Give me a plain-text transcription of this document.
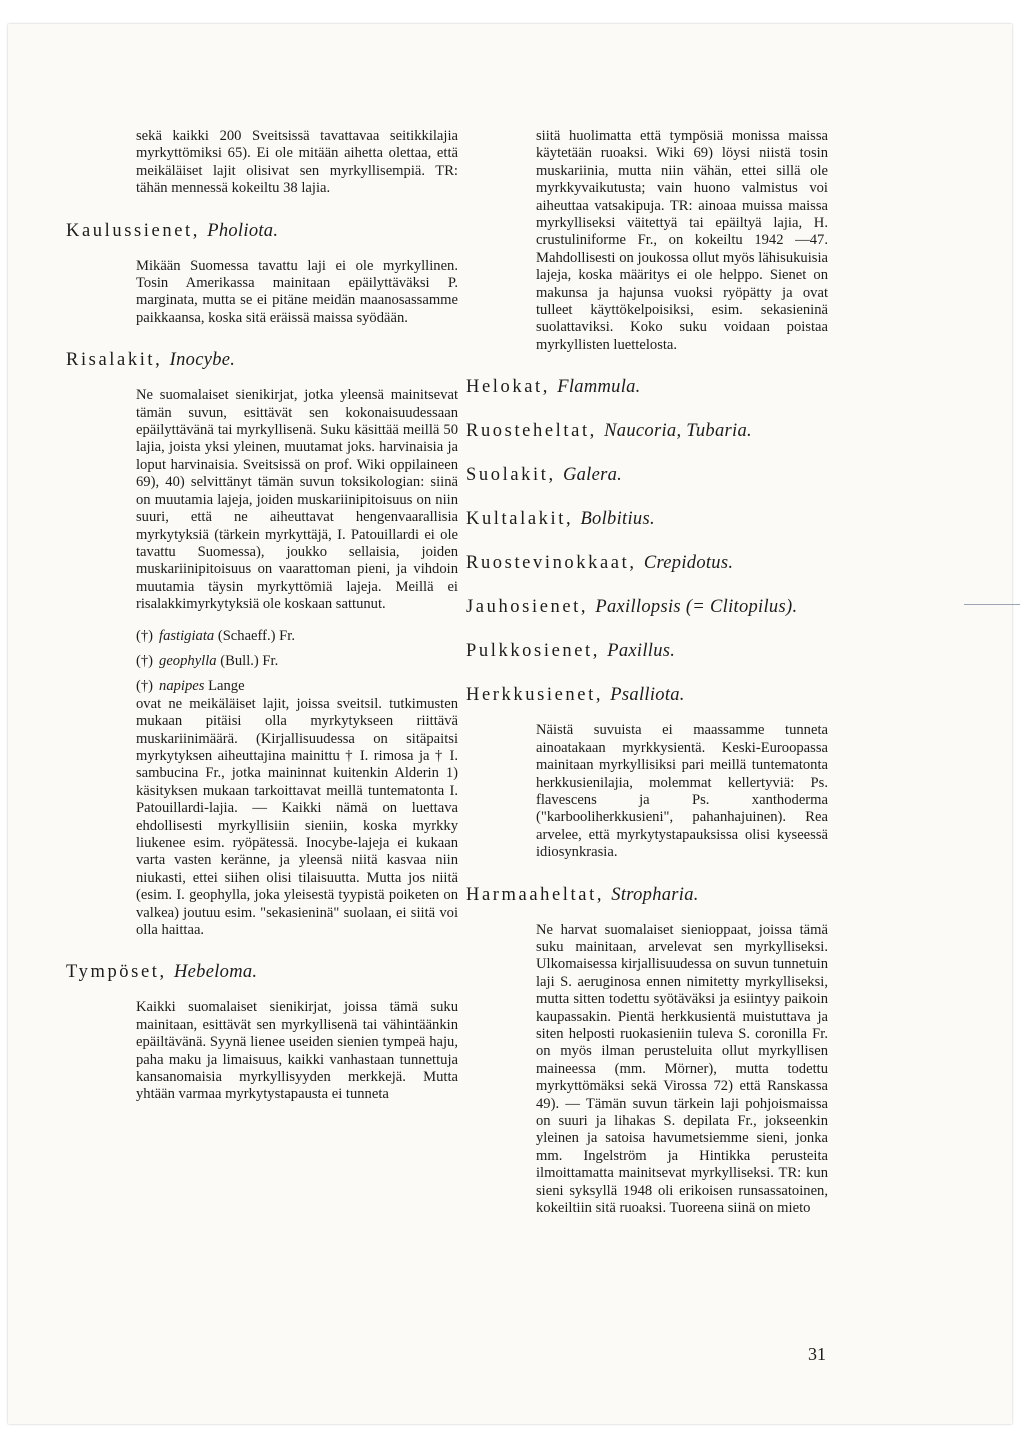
sekä kaikki 200 Sveitsissä tavattavaa seitikkilajia myrkyttömiksi 65). Ei ole mitään aihetta olettaa, että meikäläiset lajit olisivat sen myrkyllisempiä. TR: tähän mennessä kokeiltu 38 lajia.

Kaulussienet, Pholiota.

Mikään Suomessa tavattu laji ei ole myrkyllinen. Tosin Amerikassa mainitaan epäilyttäväksi P. marginata, mutta se ei pitäne meidän maanosassamme paikkaansa, koska sitä eräissä maissa syödään.

Risalakit, Inocybe.

Ne suomalaiset sienikirjat, jotka yleensä mainitsevat tämän suvun, esittävät sen kokonaisuudessaan epäilyttävänä tai myrkyllisenä. Suku käsittää meillä 50 lajia, joista yksi yleinen, muutamat joks. harvinaisia ja loput harvinaisia. Sveitsissä on prof. Wiki oppilaineen 69), 40) selvittänyt tämän suvun toksikologian: siinä on muutamia lajeja, joiden muskariinipitoisuus on niin suuri, että ne aiheuttavat hengenvaarallisia myrkytyksiä (tärkein myrkyttäjä, I. Patouillardi ei ole tavattu Suomessa), joukko sellaisia, joiden muskariinipitoisuus on vaarattoman pieni, ja vihdoin muutamia täysin myrkyttömiä lajeja. Meillä ei risalakkimyrkytyksiä ole koskaan sattunut.

(†) fastigiata (Schaeff.) Fr.
(†) geophylla (Bull.) Fr.
(†) napipes Lange

ovat ne meikäläiset lajit, joissa sveitsil. tutkimusten mukaan pitäisi olla myrkytykseen riittävä muskariinimäärä. (Kirjallisuudessa on sitäpaitsi myrkytyksen aiheuttajina mainittu † I. rimosa ja † I. sambucina Fr., jotka maininnat kuitenkin Alderin 1) käsityksen mukaan tarkoittavat meillä tuntematonta I. Patouillardi-lajia. — Kaikki nämä on luettava ehdollisesti myrkyllisiin sieniin, koska myrkky liukenee esim. ryöpätessä. Inocybe-lajeja ei kukaan varta vasten keränne, ja yleensä niitä kasvaa niin niukasti, ettei siihen olisi tilaisuutta. Mutta jos niitä (esim. I. geophylla, joka yleisestä tyypistä poiketen on valkea) joutuu esim. "sekasieninä" suolaan, ei siitä voi olla haittaa.

Tympöset, Hebeloma.

Kaikki suomalaiset sienikirjat, joissa tämä suku mainitaan, esittävät sen myrkyllisenä tai vähintäänkin epäiltävänä. Syynä lienee useiden sienien tympeä haju, paha maku ja limaisuus, kaikki vanhastaan tunnettuja kansanomaisia myrkyllisyyden merkkejä. Mutta yhtään varmaa myrkytystapausta ei tunneta

siitä huolimatta että tympösiä monissa maissa käytetään ruoaksi. Wiki 69) löysi niistä tosin muskariinia, mutta niin vähän, ettei sillä ole myrkkyvaikutusta; vain huono valmistus voi aiheuttaa vatsakipuja. TR: ainoaa muissa maissa myrkylliseksi väitettyä tai epäiltyä lajia, H. crustuliniforme Fr., on kokeiltu 1942 —47. Mahdollisesti on joukossa ollut myös lähisukuisia lajeja, koska määritys ei ole helppo. Sienet on makunsa ja hajunsa vuoksi ryöpätty ja ovat tulleet käyttökelpoisiksi, esim. sekasieninä suolattaviksi. Koko suku voidaan poistaa myrkyllisten luettelosta.

Helokat, Flammula.
Ruosteheltat, Naucoria, Tubaria.
Suolakit, Galera.
Kultalakit, Bolbitius.
Ruostevinokkaat, Crepidotus.
Jauhosienet, Paxillopsis (= Clitopilus).
Pulkkosienet, Paxillus.
Herkkusienet, Psalliota.

Näistä suvuista ei maassamme tunneta ainoatakaan myrkkysientä. Keski-Euroopassa mainitaan myrkyllisiksi pari meillä tuntematonta herkkusienilajia, molemmat kellertyviä: Ps. flavescens ja Ps. xanthoderma ("karbooliherkkusieni", pahanhajuinen). Rea arvelee, että myrkytystapauksissa olisi kyseessä idiosynkrasia.

Harmaaheltat, Stropharia.

Ne harvat suomalaiset sienioppaat, joissa tämä suku mainitaan, arvelevat sen myrkylliseksi. Ulkomaisessa kirjallisuudessa on suvun tunnetuin laji S. aeruginosa ennen nimitetty myrkylliseksi, mutta sitten todettu syötäväksi ja esiintyy paikoin kaupassakin. Pientä herkkusientä muistuttava ja siten helposti ruokasieniin tuleva S. coronilla Fr. on myös ilman perusteluita ollut myrkyllisen maineessa (mm. Mörner), mutta todettu myrkyttömäksi sekä Virossa 72) että Ranskassa 49). — Tämän suvun tärkein laji pohjoismaissa on suuri ja lihakas S. depilata Fr., jokseenkin yleinen ja satoisa havumetsiemme sieni, jonka mm. Ingelström ja Hintikka perusteita ilmoittamatta mainitsevat myrkylliseksi. TR: kun sieni syksyllä 1948 oli erikoisen runsassatoinen, kokeiltiin sitä ruoaksi. Tuoreena siinä on mieto

31
